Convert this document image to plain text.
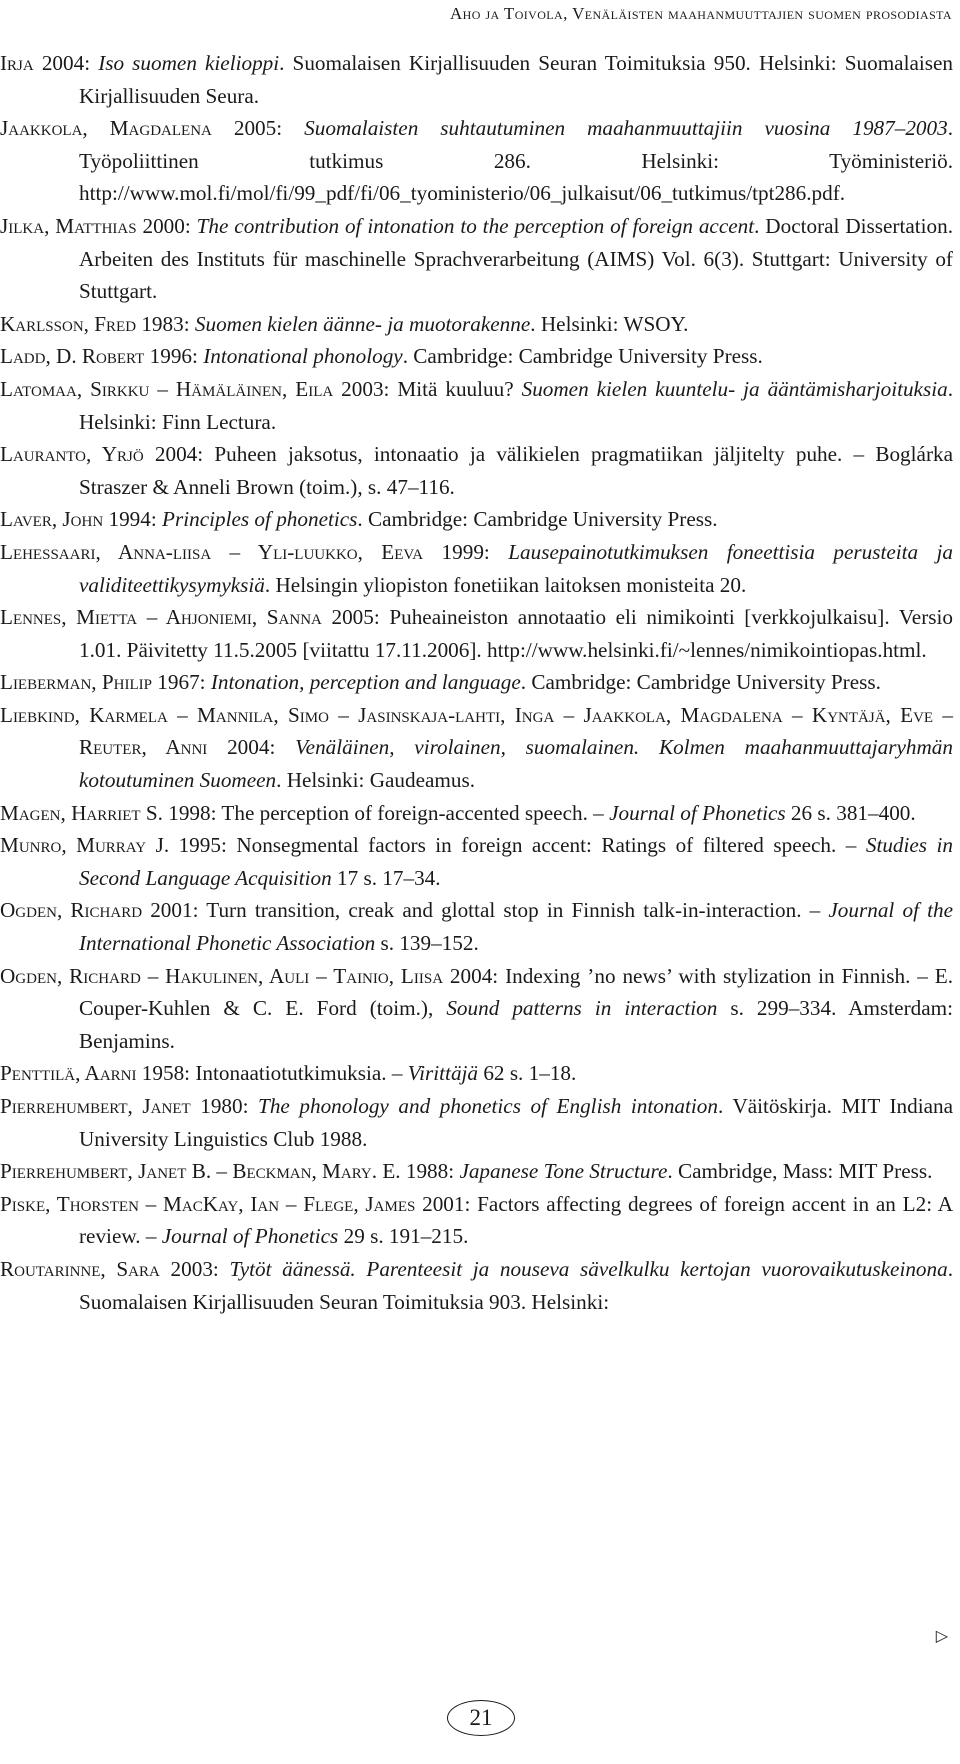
Aho ja Toivola, Venäläisten maahanmuuttajien suomen prosodiasta

Irja 2004: Iso suomen kielioppi. Suomalaisen Kirjallisuuden Seuran Toimituksia 950. Helsinki: Suomalaisen Kirjallisuuden Seura.

Jaakkola, Magdalena 2005: Suomalaisten suhtautuminen maahanmuuttajiin vuosina 1987–2003. Työpoliittinen tutkimus 286. Helsinki: Työministeriö. http://www.mol.fi/mol/fi/99_pdf/fi/06_tyoministerio/06_julkaisut/06_tutkimus/tpt286.pdf.

Jilka, Matthias 2000: The contribution of intonation to the perception of foreign accent. Doctoral Dissertation. Arbeiten des Instituts für maschinelle Sprachverarbeitung (AIMS) Vol. 6(3). Stuttgart: University of Stuttgart.

Karlsson, Fred 1983: Suomen kielen äänne- ja muotorakenne. Helsinki: WSOY.

Ladd, D. Robert 1996: Intonational phonology. Cambridge: Cambridge University Press.

Latomaa, Sirkku – Hämäläinen, Eila 2003: Mitä kuuluu? Suomen kielen kuuntelu- ja ääntämisharjoituksia. Helsinki: Finn Lectura.

Lauranto, Yrjö 2004: Puheen jaksotus, intonaatio ja välikielen pragmatiikan jäljitelty puhe. – Boglárka Straszer & Anneli Brown (toim.), s. 47–116.

Laver, John 1994: Principles of phonetics. Cambridge: Cambridge University Press.

Lehessaari, Anna-liisa – Yli-luukko, Eeva 1999: Lausepainotutkimuksen foneettisia perusteita ja validiteettikysymyksiä. Helsingin yliopiston fonetiikan laitoksen monisteita 20.

Lennes, Mietta – Ahjoniemi, Sanna 2005: Puheaineiston annotaatio eli nimikointi [verkkojulkaisu]. Versio 1.01. Päivitetty 11.5.2005 [viitattu 17.11.2006]. http://www.helsinki.fi/~lennes/nimikointiopas.html.

Lieberman, Philip 1967: Intonation, perception and language. Cambridge: Cambridge University Press.

Liebkind, Karmela – Mannila, Simo – Jasinskaja-lahti, Inga – Jaakkola, Magdalena – Kyntäjä, Eve – Reuter, Anni 2004: Venäläinen, virolainen, suomalainen. Kolmen maahanmuuttajaryhmän kotoutuminen Suomeen. Helsinki: Gaudeamus.

Magen, Harriet S. 1998: The perception of foreign-accented speech. – Journal of Phonetics 26 s. 381–400.

Munro, Murray J. 1995: Nonsegmental factors in foreign accent: Ratings of filtered speech. – Studies in Second Language Acquisition 17 s. 17–34.

Ogden, Richard 2001: Turn transition, creak and glottal stop in Finnish talk-in-interaction. – Journal of the International Phonetic Association s. 139–152.

Ogden, Richard – Hakulinen, Auli – Tainio, Liisa 2004: Indexing ’no news’ with stylization in Finnish. – E. Couper-Kuhlen & C. E. Ford (toim.), Sound patterns in interaction s. 299–334. Amsterdam: Benjamins.

Penttilä, Aarni 1958: Intonaatiotutkimuksia. – Virittäjä 62 s. 1–18.

Pierrehumbert, Janet 1980: The phonology and phonetics of English intonation. Väitöskirja. MIT Indiana University Linguistics Club 1988.

Pierrehumbert, Janet B. – Beckman, Mary. E. 1988: Japanese Tone Structure. Cambridge, Mass: MIT Press.

Piske, Thorsten – MacKay, Ian – Flege, James 2001: Factors affecting degrees of foreign accent in an L2: A review. – Journal of Phonetics 29 s. 191–215.

Routarinne, Sara 2003: Tytöt äänessä. Parenteesit ja nouseva sävelkulku kertojan vuorovaikutuskeinona. Suomalaisen Kirjallisuuden Seuran Toimituksia 903. Helsinki:

▷
21
